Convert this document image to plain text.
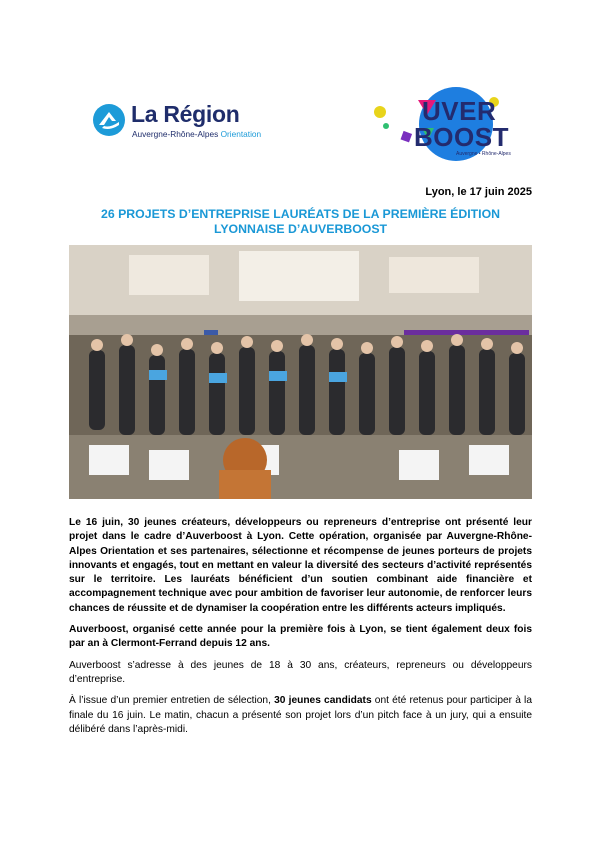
La Région
Auvergne-Rhône-Alpes Orientation
UVER
BOOST
Auvergne • Rhône-Alpes
Lyon, le 17 juin 2025
26 PROJETS D’ENTREPRISE LAURÉATS DE LA PREMIÈRE ÉDITION
LYONNAISE D’AUVERBOOST

Le 16 juin, 30 jeunes créateurs, développeurs ou repreneurs d’entreprise ont présenté leur projet dans le cadre d’Auverboost à Lyon. Cette opération, organisée par Auvergne-Rhône-Alpes Orientation et ses partenaires, sélectionne et récompense de jeunes porteurs de projets innovants et engagés, tout en mettant en valeur la diversité des secteurs d’activité représentés sur le territoire. Les lauréats bénéficient d’un soutien combinant aide financière et accompagnement technique avec pour ambition de favoriser leur autonomie, de renforcer leurs chances de réussite et de dynamiser la coopération entre les différents acteurs impliqués.

Auverboost, organisé cette année pour la première fois à Lyon, se tient également deux fois par an à Clermont-Ferrand depuis 12 ans.

Auverboost s’adresse à des jeunes de 18 à 30 ans, créateurs, repreneurs ou développeurs d’entreprise.

À l’issue d’un premier entretien de sélection, 30 jeunes candidats ont été retenus pour participer à la finale du 16 juin. Le matin, chacun a présenté son projet lors d’un pitch face à un jury, qui a ensuite délibéré dans l’après-midi.
